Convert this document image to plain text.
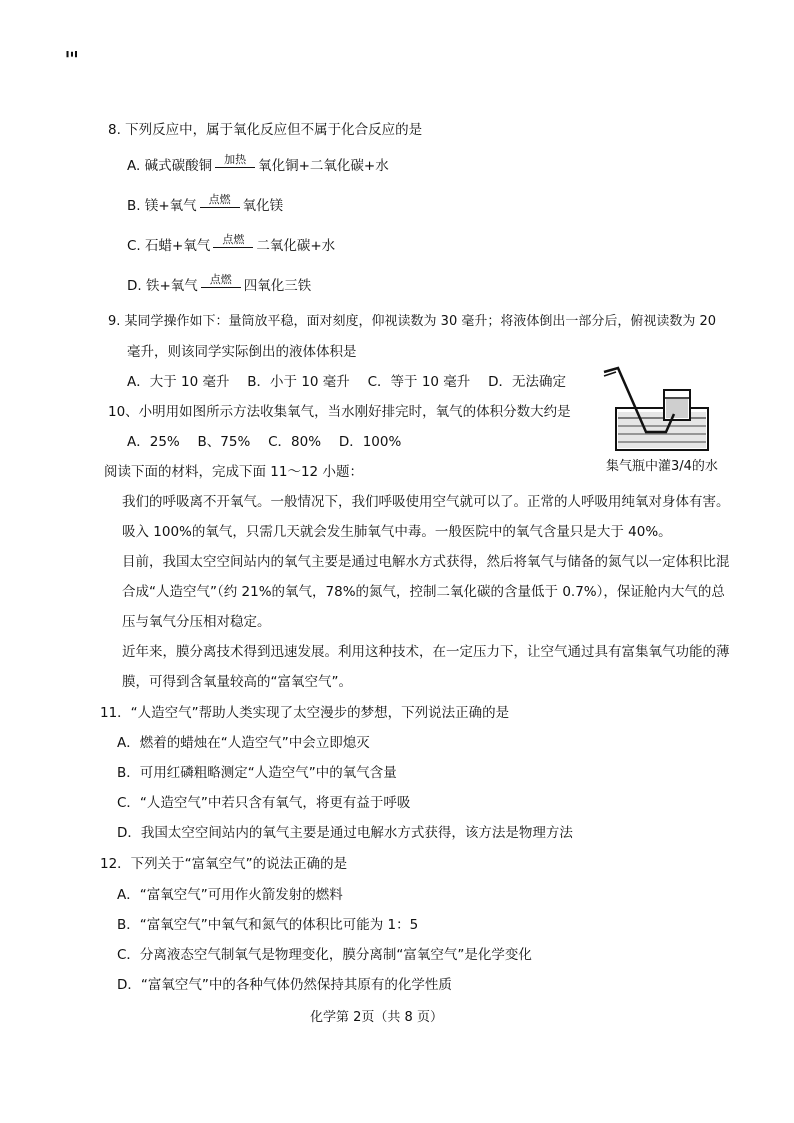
Ξ
8. 下列反应中，属于氧化反应但不属于化合反应的是
A. 碱式碳酸铜	加热 氧化铜+二氧化碳+水
B. 镁+氧气	点燃 氧化镁
C. 石蜡+氧气	点燃 二氧化碳+水
D. 铁+氧气	点燃 四氧化三铁
9. 某同学操作如下：量筒放平稳，面对刻度，仰视读数为 30 毫升；将液体倒出一部分后，俯视读数为 20
毫升，则该同学实际倒出的液体体积是
A．大于 10 毫升　 B．小于 10 毫升　 C．等于 10 毫升　 D．无法确定
10、小明用如图所示方法收集氧气，当水刚好排完时，氧气的体积分数大约是
A．25%　 B、75%　 C．80%　 D．100%
集气瓶中灌3/4的水
阅读下面的材料，完成下面 11～12 小题：
我们的呼吸离不开氧气。一般情况下，我们呼吸使用空气就可以了。正常的人呼吸用纯氧对身体有害。
吸入 100%的氧气，只需几天就会发生肺氧气中毒。一般医院中的氧气含量只是大于 40%。
目前，我国太空空间站内的氧气主要是通过电解水方式获得，然后将氧气与储备的氮气以一定体积比混
合成“人造空气”（约 21%的氧气，78%的氮气，控制二氧化碳的含量低于 0.7%），保证舱内大气的总
压与氧气分压相对稳定。
近年来，膜分离技术得到迅速发展。利用这种技术，在一定压力下，让空气通过具有富集氧气功能的薄
膜，可得到含氧量较高的“富氧空气”。
11．“人造空气”帮助人类实现了太空漫步的梦想，下列说法正确的是
A．燃着的蜡烛在“人造空气”中会立即熄灭
B．可用红磷粗略测定“人造空气”中的氧气含量
C．“人造空气”中若只含有氧气，将更有益于呼吸
D．我国太空空间站内的氧气主要是通过电解水方式获得，该方法是物理方法
12．下列关于“富氧空气”的说法正确的是
A．“富氧空气”可用作火箭发射的燃料
B．“富氧空气”中氧气和氮气的体积比可能为 1：5
C．分离液态空气制氧气是物理变化，膜分离制“富氧空气”是化学变化
D．“富氧空气”中的各种气体仍然保持其原有的化学性质
化学第 2页（共 8 页）
